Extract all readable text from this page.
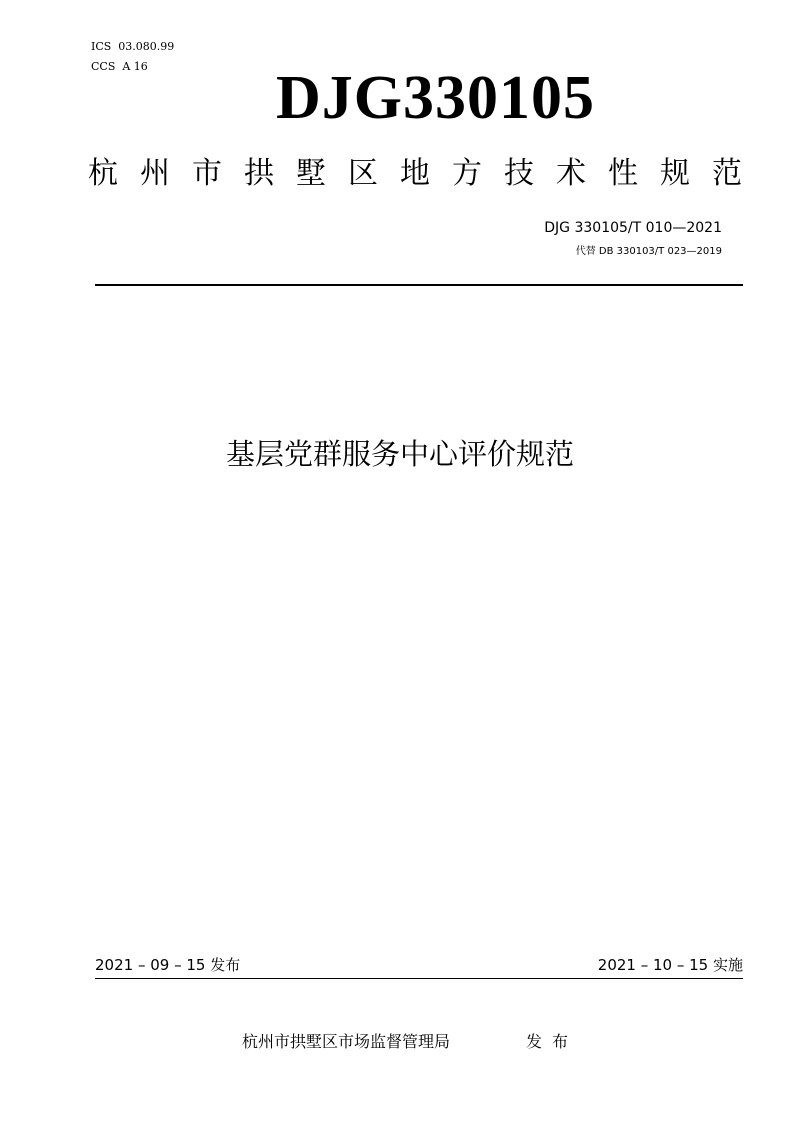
ICS  03.080.99
CCS  A 16 DJG330105
杭州市拱墅区地方技术性规范
DJG 330105/T 010—2021
代替 DB 330103/T 023—2019
基层党群服务中心评价规范
2021 – 09 – 15 发布	2021 – 10 – 15 实施
杭州市拱墅区市场监督管理局	发布
